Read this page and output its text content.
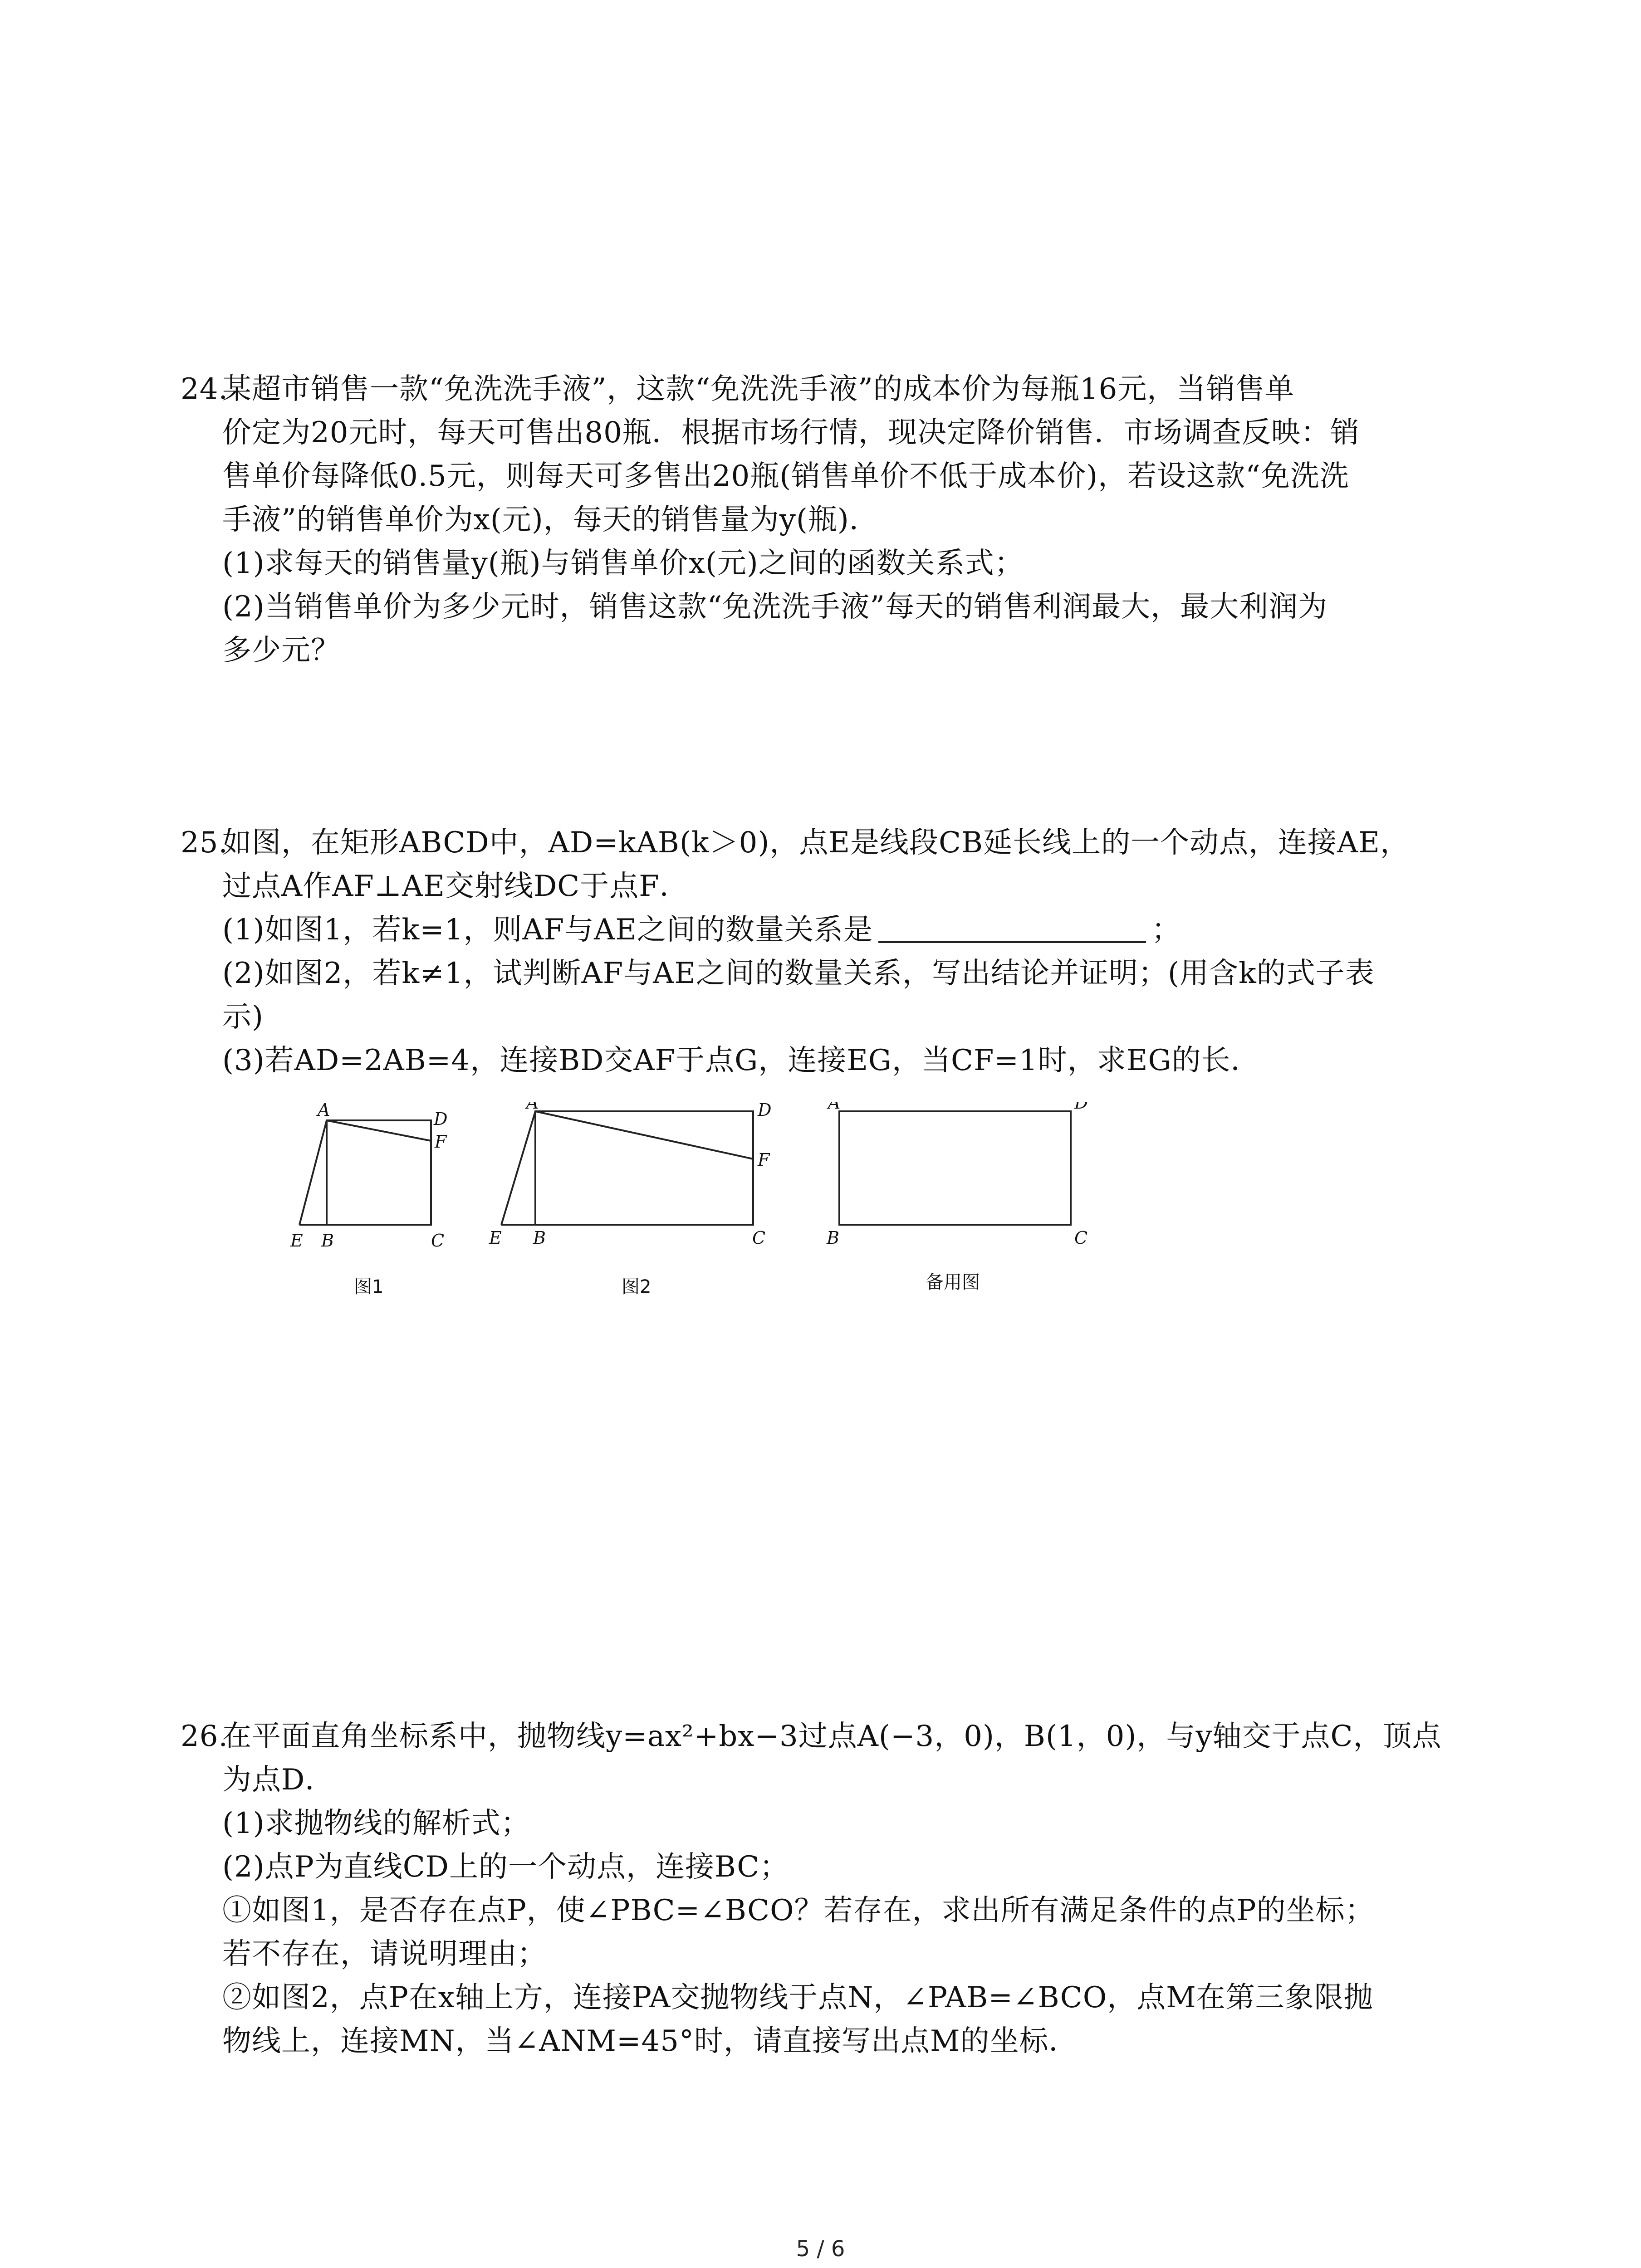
24.
某超市销售一款“免洗洗手液”，这款“免洗洗手液”的成本价为每瓶16元，当销售单
价定为20元时，每天可售出80瓶．根据市场行情，现决定降价销售．市场调查反映：销
售单价每降低0.5元，则每天可多售出20瓶(销售单价不低于成本价)，若设这款“免洗洗
手液”的销售单价为x(元)，每天的销售量为y(瓶)．
(1)求每天的销售量y(瓶)与销售单价x(元)之间的函数关系式；
(2)当销售单价为多少元时，销售这款“免洗洗手液”每天的销售利润最大，最大利润为
多少元？
25.
如图，在矩形ABCD中，AD=kAB(k＞0)，点E是线段CB延长线上的一个动点，连接AE，
过点A作AF⊥AE交射线DC于点F．
(1)如图1，若k=1，则AF与AE之间的数量关系是	；
(2)如图2，若k≠1，试判断AF与AE之间的数量关系，写出结论并证明；(用含k的式子表
示)
(3)若AD=2AB=4，连接BD交AF于点G，连接EG，当CF=1时，求EG的长．
A	D
F
E B	C
图1
A	D
F
E B	C
图2
A	D
B	C
备用图
26.
在平面直角坐标系中，抛物线y=ax²+bx−3过点A(−3，0)，B(1，0)，与y轴交于点C，顶点
为点D．
(1)求抛物线的解析式；
(2)点P为直线CD上的一个动点，连接BC；
①如图1，是否存在点P，使∠PBC=∠BCO？若存在，求出所有满足条件的点P的坐标；
若不存在，请说明理由；
②如图2，点P在x轴上方，连接PA交抛物线于点N，∠PAB=∠BCO，点M在第三象限抛
物线上，连接MN，当∠ANM=45°时，请直接写出点M的坐标．
5 / 6
